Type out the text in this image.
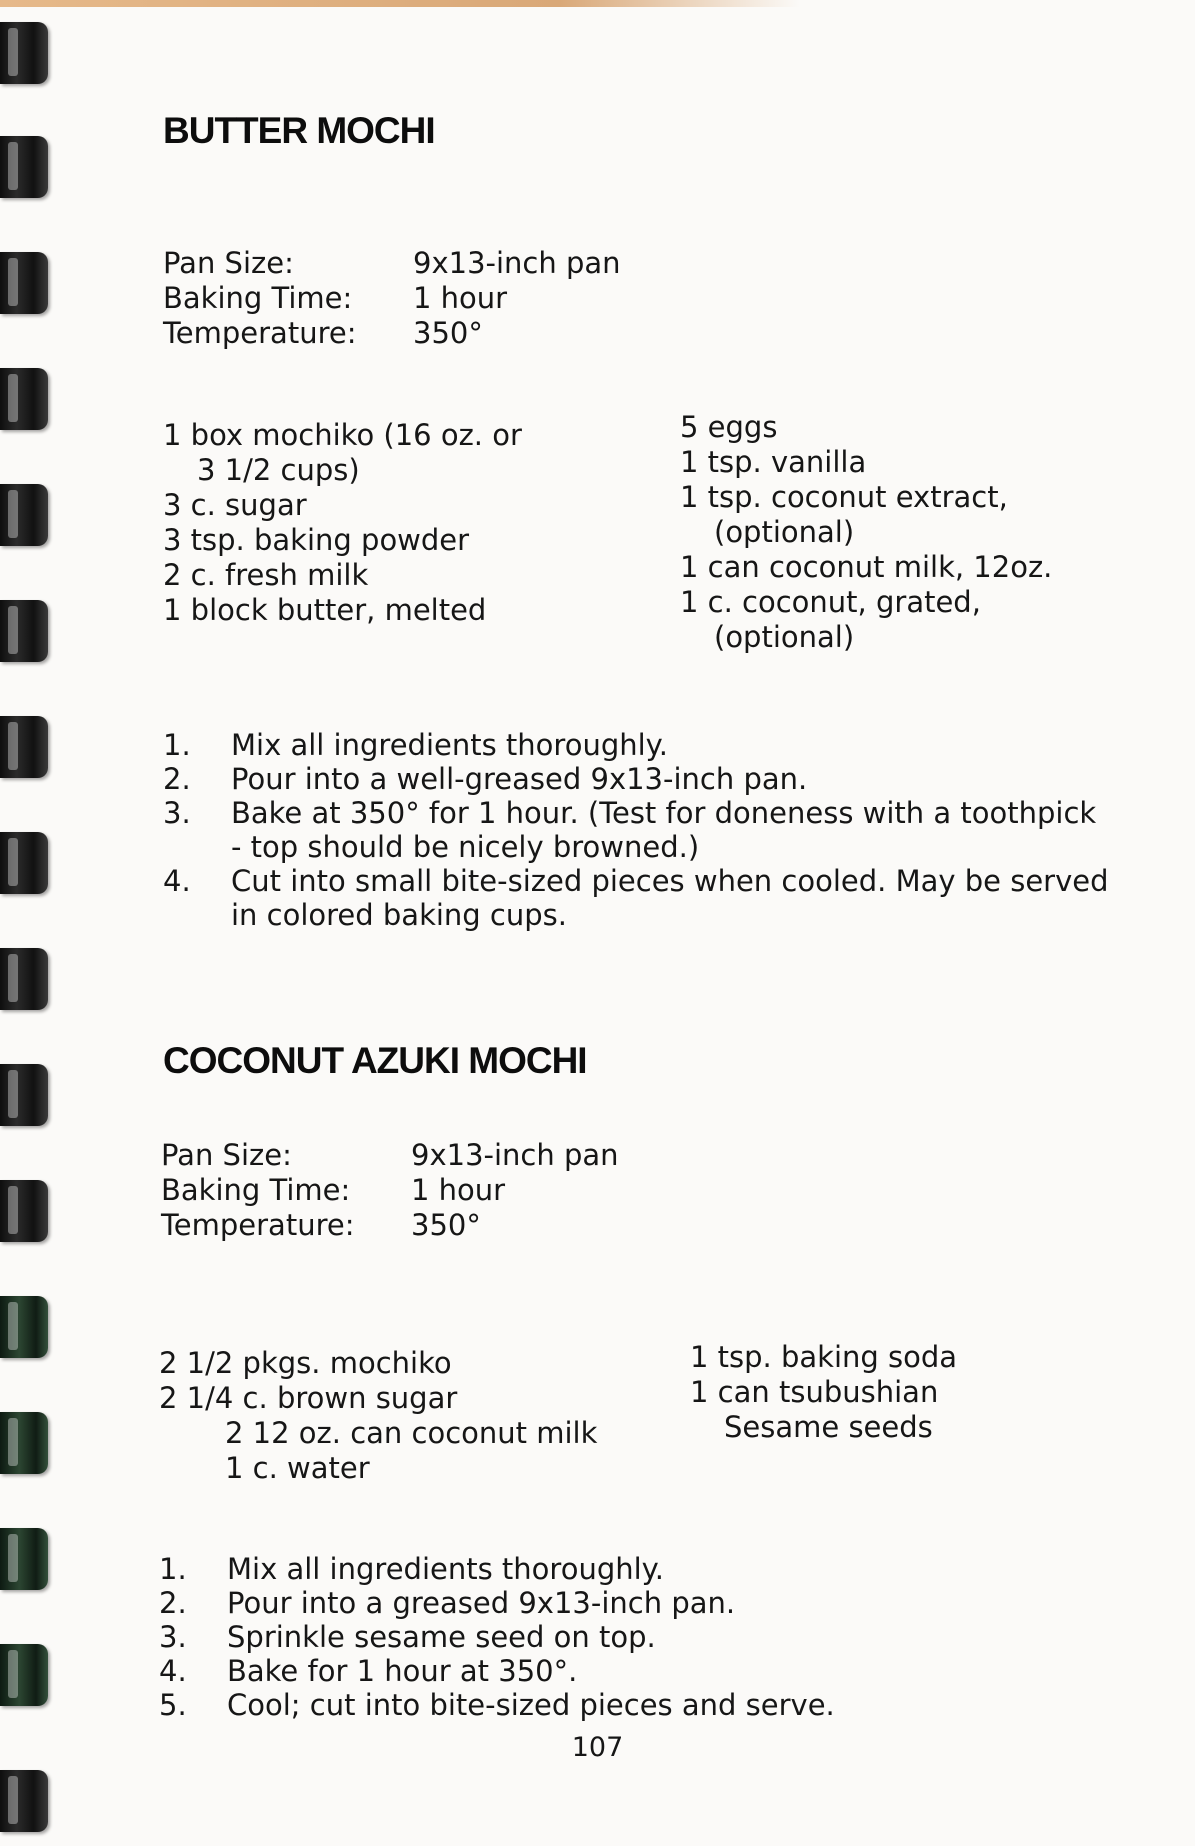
BUTTER MOCHI
Pan Size:	9x13-inch pan
Baking Time:	1 hour
Temperature:	350°
1 box mochiko (16 oz. or
3 1/2 cups)
3 c. sugar
3 tsp. baking powder
2 c. fresh milk
1 block butter, melted
5 eggs
1 tsp. vanilla
1 tsp. coconut extract,
(optional)
1 can coconut milk, 12oz.
1 c. coconut, grated,
(optional)
1.	Mix all ingredients thoroughly.
2.	Pour into a well-greased 9x13-inch pan.
3.	Bake at 350° for 1 hour. (Test for doneness with a toothpick - top should be nicely browned.)
4.	Cut into small bite-sized pieces when cooled. May be served in colored baking cups.
COCONUT AZUKI MOCHI
Pan Size:	9x13-inch pan
Baking Time:	1 hour
Temperature:	350°
2 1/2 pkgs. mochiko
2 1/4 c. brown sugar
2 12 oz. can coconut milk
1 c. water
1 tsp. baking soda
1 can tsubushian
Sesame seeds
1.	Mix all ingredients thoroughly.
2.	Pour into a greased 9x13-inch pan.
3.	Sprinkle sesame seed on top.
4.	Bake for 1 hour at 350°.
5.	Cool; cut into bite-sized pieces and serve.
107
